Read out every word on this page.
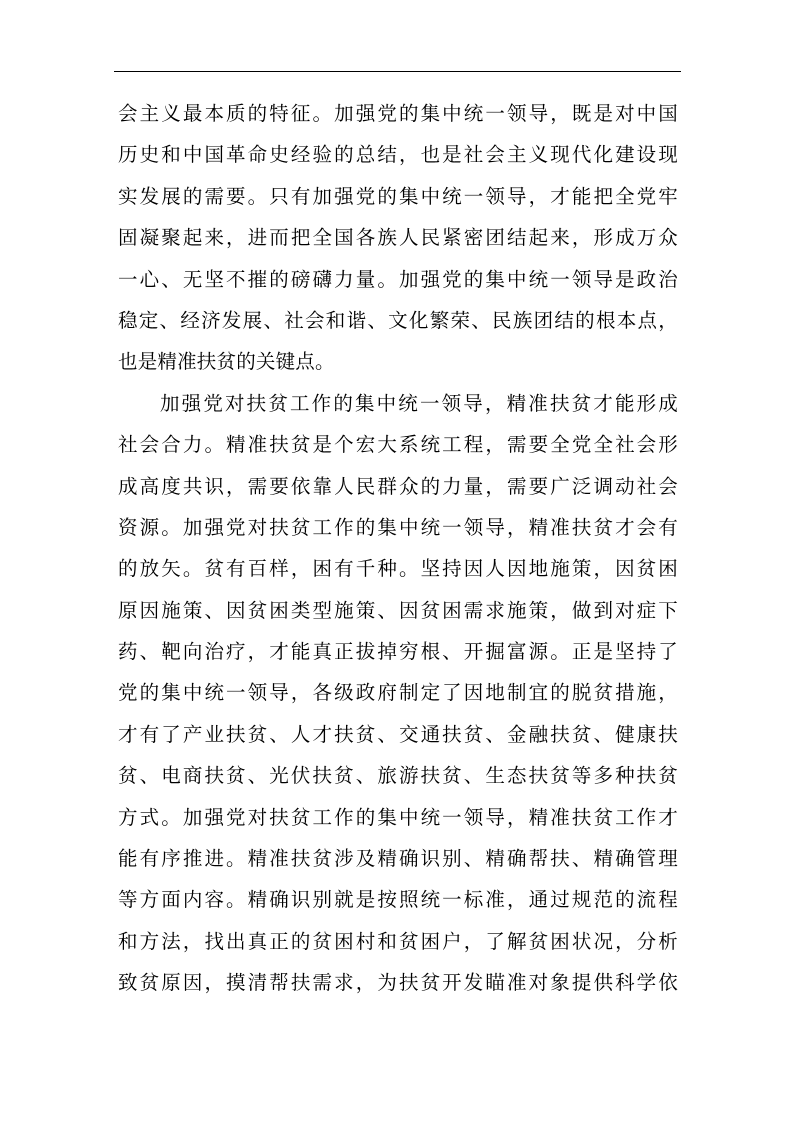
会主义最本质的特征。加强党的集中统一领导，既是对中国
历史和中国革命史经验的总结，也是社会主义现代化建设现
实发展的需要。只有加强党的集中统一领导，才能把全党牢
固凝聚起来，进而把全国各族人民紧密团结起来，形成万众
一心、无坚不摧的磅礴力量。加强党的集中统一领导是政治
稳定、经济发展、社会和谐、文化繁荣、民族团结的根本点，
也是精准扶贫的关键点。
加强党对扶贫工作的集中统一领导，精准扶贫才能形成
社会合力。精准扶贫是个宏大系统工程，需要全党全社会形
成高度共识，需要依靠人民群众的力量，需要广泛调动社会
资源。加强党对扶贫工作的集中统一领导，精准扶贫才会有
的放矢。贫有百样，困有千种。坚持因人因地施策，因贫困
原因施策、因贫困类型施策、因贫困需求施策，做到对症下
药、靶向治疗，才能真正拔掉穷根、开掘富源。正是坚持了
党的集中统一领导，各级政府制定了因地制宜的脱贫措施，
才有了产业扶贫、人才扶贫、交通扶贫、金融扶贫、健康扶
贫、电商扶贫、光伏扶贫、旅游扶贫、生态扶贫等多种扶贫
方式。加强党对扶贫工作的集中统一领导，精准扶贫工作才
能有序推进。精准扶贫涉及精确识别、精确帮扶、精确管理
等方面内容。精确识别就是按照统一标准，通过规范的流程
和方法，找出真正的贫困村和贫困户，了解贫困状况，分析
致贫原因，摸清帮扶需求，为扶贫开发瞄准对象提供科学依
